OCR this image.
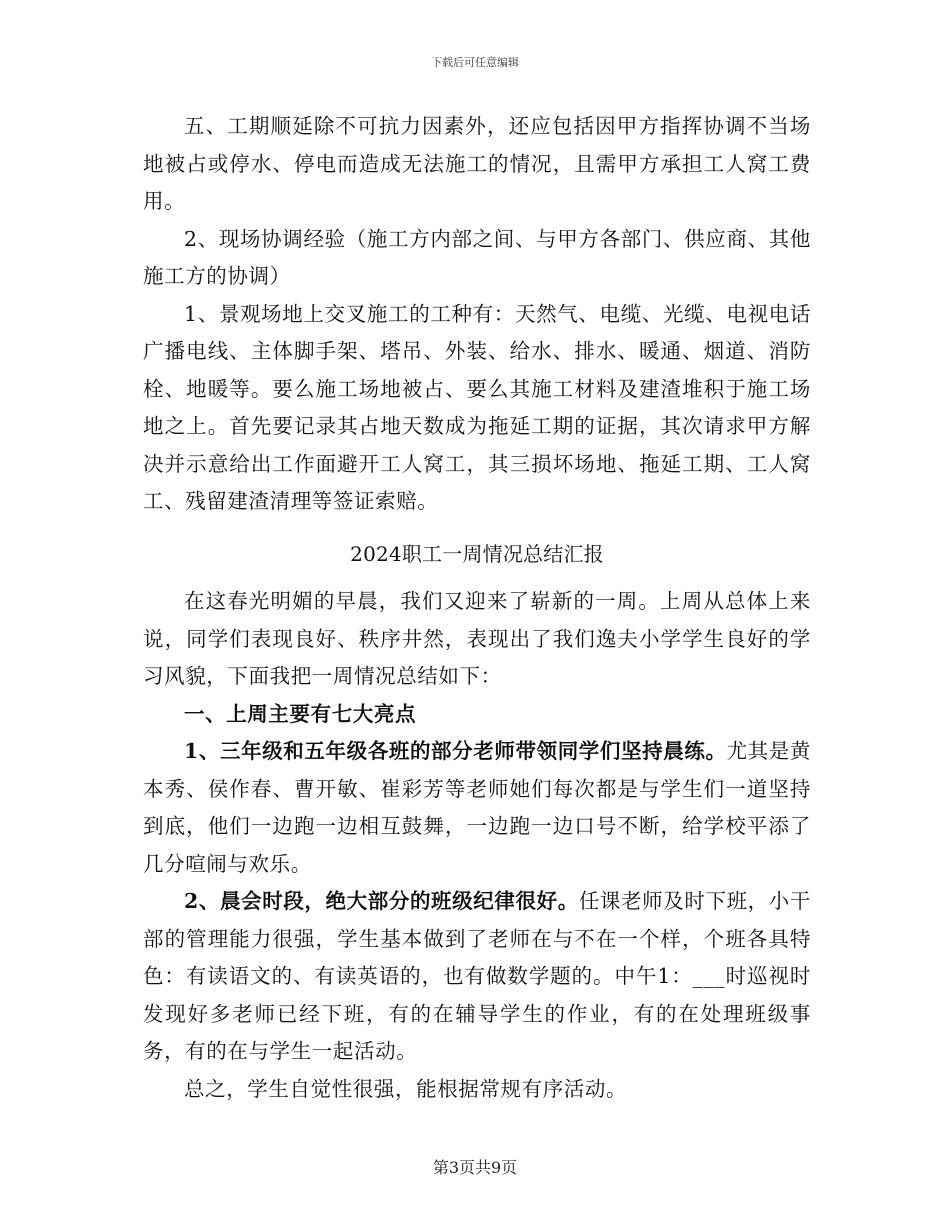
下载后可任意编辑

五、工期顺延除不可抗力因素外，还应包括因甲方指挥协调不当场地被占或停水、停电而造成无法施工的情况，且需甲方承担工人窝工费用。

2、现场协调经验（施工方内部之间、与甲方各部门、供应商、其他施工方的协调）

1、景观场地上交叉施工的工种有：天然气、电缆、光缆、电视电话广播电线、主体脚手架、塔吊、外装、给水、排水、暖通、烟道、消防栓、地暖等。要么施工场地被占、要么其施工材料及建渣堆积于施工场地之上。首先要记录其占地天数成为拖延工期的证据，其次请求甲方解决并示意给出工作面避开工人窝工，其三损坏场地、拖延工期、工人窝工、残留建渣清理等签证索赔。

2024职工一周情况总结汇报

在这春光明媚的早晨，我们又迎来了崭新的一周。上周从总体上来说，同学们表现良好、秩序井然，表现出了我们逸夫小学学生良好的学习风貌，下面我把一周情况总结如下：

一、上周主要有七大亮点

1、三年级和五年级各班的部分老师带领同学们坚持晨练。尤其是黄本秀、侯作春、曹开敏、崔彩芳等老师她们每次都是与学生们一道坚持到底，他们一边跑一边相互鼓舞，一边跑一边口号不断，给学校平添了几分喧闹与欢乐。

2、晨会时段，绝大部分的班级纪律很好。任课老师及时下班，小干部的管理能力很强，学生基本做到了老师在与不在一个样，个班各具特色：有读语文的、有读英语的，也有做数学题的。中午1：___时巡视时发现好多老师已经下班，有的在辅导学生的作业，有的在处理班级事务，有的在与学生一起活动。

总之，学生自觉性很强，能根据常规有序活动。

第3页共9页
